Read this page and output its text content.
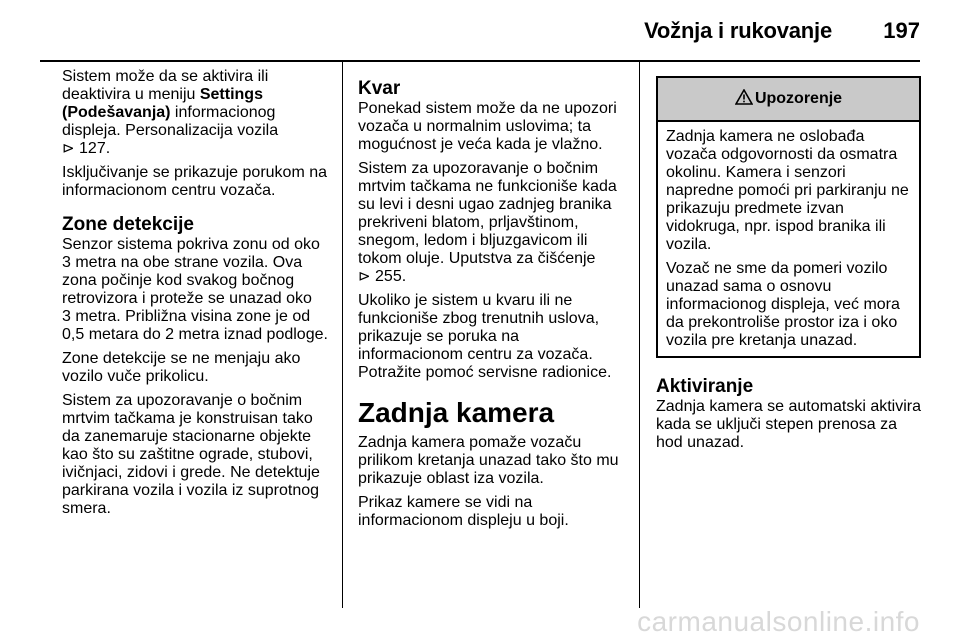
Vožnja i rukovanje 197

Sistem može da se aktivira ili
deaktivira u meniju Settings
(Podešavanja) informacionog
displeja. Personalizacija vozila
⊳ 127.

Isključivanje se prikazuje porukom na
informacionom centru vozača.

Zone detekcije

Senzor sistema pokriva zonu od oko
3 metra na obe strane vozila. Ova
zona počinje kod svakog bočnog
retrovizora i proteže se unazad oko
3 metra. Približna visina zone je od
0,5 metara do 2 metra iznad podloge.

Zone detekcije se ne menjaju ako
vozilo vuče prikolicu.

Sistem za upozoravanje o bočnim
mrtvim tačkama je konstruisan tako
da zanemaruje stacionarne objekte
kao što su zaštitne ograde, stubovi,
ivičnjaci, zidovi i grede. Ne detektuje
parkirana vozila i vozila iz suprotnog
smera.

Kvar

Ponekad sistem može da ne upozori
vozača u normalnim uslovima; ta
mogućnost je veća kada je vlažno.

Sistem za upozoravanje o bočnim
mrtvim tačkama ne funkcioniše kada
su levi i desni ugao zadnjeg branika
prekriveni blatom, prljavštinom,
snegom, ledom i bljuzgavicom ili
tokom oluje. Uputstva za čišćenje
⊳ 255.

Ukoliko je sistem u kvaru ili ne
funkcioniše zbog trenutnih uslova,
prikazuje se poruka na
informacionom centru za vozača.
Potražite pomoć servisne radionice.

Zadnja kamera

Zadnja kamera pomaže vozaču
prilikom kretanja unazad tako što mu
prikazuje oblast iza vozila.

Prikaz kamere se vidi na
informacionom displeju u boji.

Upozorenje

Zadnja kamera ne oslobađa
vozača odgovornosti da osmatra
okolinu. Kamera i senzori
napredne pomoći pri parkiranju ne
prikazuju predmete izvan
vidokruga, npr. ispod branika ili
vozila.

Vozač ne sme da pomeri vozilo
unazad sama o osnovu
informacionog displeja, već mora
da prekontroliše prostor iza i oko
vozila pre kretanja unazad.

Aktiviranje

Zadnja kamera se automatski aktivira
kada se uključi stepen prenosa za
hod unazad.

carmanualsonline.info
